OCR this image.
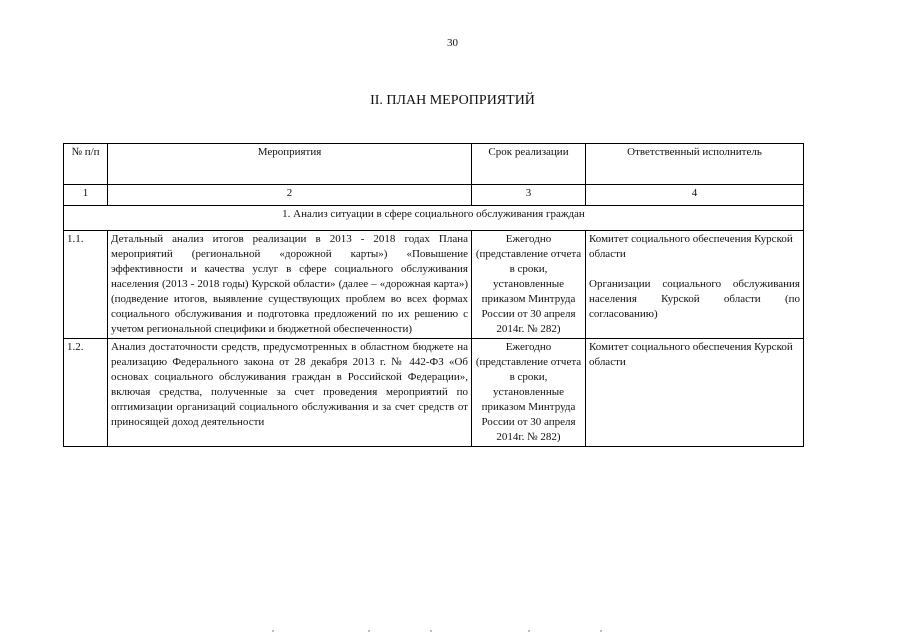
30
II. ПЛАН МЕРОПРИЯТИЙ
№ п/п	Мероприятия	Срок реализации	Ответственный исполнитель
1	2	3	4
1. Анализ ситуации в сфере социального обслуживания граждан			
1.1.	Детальный анализ итогов реализации в 2013 - 2018 годах Плана мероприятий (региональной «дорожной карты») «Повышение эффективности и качества услуг в сфере социального обслуживания населения (2013 - 2018 годы) Курской области» (далее – «дорожная карта») (подведение итогов, выявление существующих проблем во всех формах социального обслуживания и подготовка предложений по их решению с учетом региональной специфики и бюджетной обеспеченности)	Ежегодно (представление отчета в сроки, установленные приказом Минтруда России от 30 апреля 2014г. № 282)	Комитет социального обеспечения Курской области
Организации социального обслуживания населения Курской области (по согласованию)

1.2.	Анализ достаточности средств, предусмотренных в областном бюджете на реализацию Федерального закона от 28 декабря 2013 г. № 442-ФЗ «Об основах социального обслуживания граждан в Российской Федерации», включая средства, полученные за счет проведения мероприятий по оптимизации организаций социального обслуживания и за счет средств от приносящей доход деятельности	Ежегодно (представление отчета в сроки, установленные приказом Минтруда России от 30 апреля 2014г. № 282)	Комитет социального обеспечения Курской области
